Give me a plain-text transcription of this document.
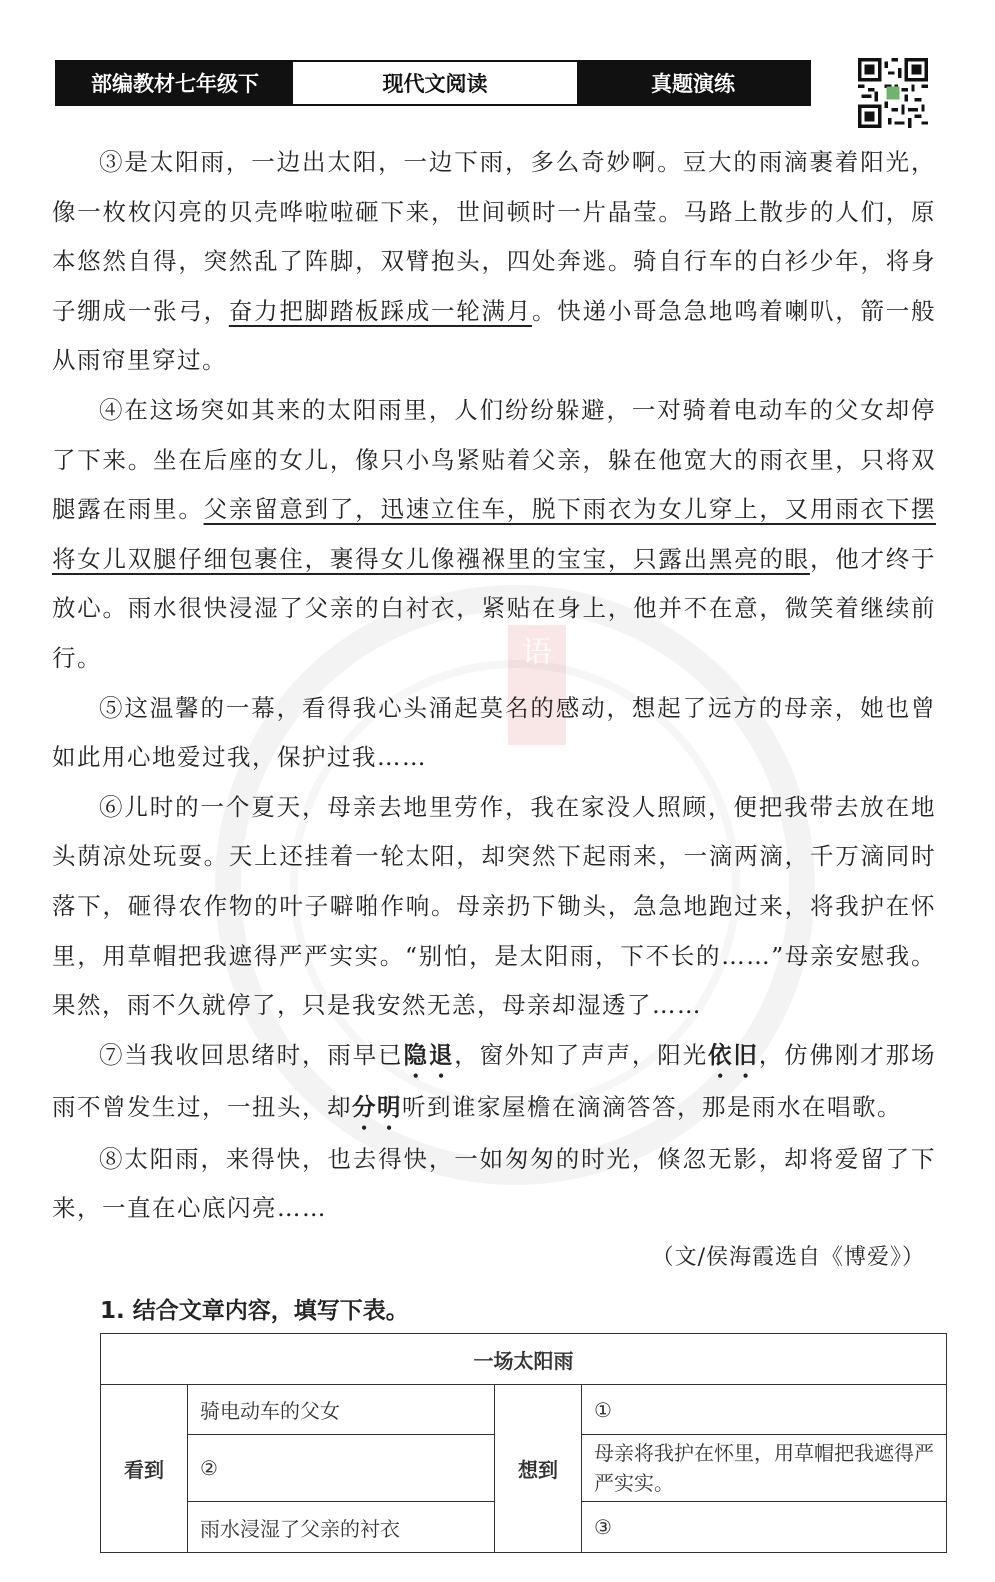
语
部编教材七年级下	现代文阅读	真题演练

③是太阳雨，一边出太阳，一边下雨，多么奇妙啊。豆大的雨滴裹着阳光，像一枚枚闪亮的贝壳哗啦啦砸下来，世间顿时一片晶莹。马路上散步的人们，原本悠然自得，突然乱了阵脚，双臂抱头，四处奔逃。骑自行车的白衫少年，将身子绷成一张弓，奋力把脚踏板踩成一轮满月。快递小哥急急地鸣着喇叭，箭一般从雨帘里穿过。

④在这场突如其来的太阳雨里，人们纷纷躲避，一对骑着电动车的父女却停了下来。坐在后座的女儿，像只小鸟紧贴着父亲，躲在他宽大的雨衣里，只将双腿露在雨里。父亲留意到了，迅速立住车，脱下雨衣为女儿穿上，又用雨衣下摆将女儿双腿仔细包裹住，裹得女儿像襁褓里的宝宝，只露出黑亮的眼，他才终于放心。雨水很快浸湿了父亲的白衬衣，紧贴在身上，他并不在意，微笑着继续前行。

⑤这温馨的一幕，看得我心头涌起莫名的感动，想起了远方的母亲，她也曾如此用心地爱过我，保护过我……

⑥儿时的一个夏天，母亲去地里劳作，我在家没人照顾，便把我带去放在地头荫凉处玩耍。天上还挂着一轮太阳，却突然下起雨来，一滴两滴，千万滴同时落下，砸得农作物的叶子噼啪作响。母亲扔下锄头，急急地跑过来，将我护在怀里，用草帽把我遮得严严实实。“别怕，是太阳雨，下不长的……”母亲安慰我。果然，雨不久就停了，只是我安然无恙，母亲却湿透了……

⑦当我收回思绪时，雨早已隐退，窗外知了声声，阳光依旧，仿佛刚才那场雨不曾发生过，一扭头，却分明听到谁家屋檐在滴滴答答，那是雨水在唱歌。

⑧太阳雨，来得快，也去得快，一如匆匆的时光，倏忽无影，却将爱留了下来，一直在心底闪亮……

（文/侯海霞选自《博爱》）
1. 结合文章内容，填写下表。
一场太阳雨			
看到	骑电动车的父女	想到	①
	②		母亲将我护在怀里，用草帽把我遮得严严实实。
	雨水浸湿了父亲的衬衣		③
